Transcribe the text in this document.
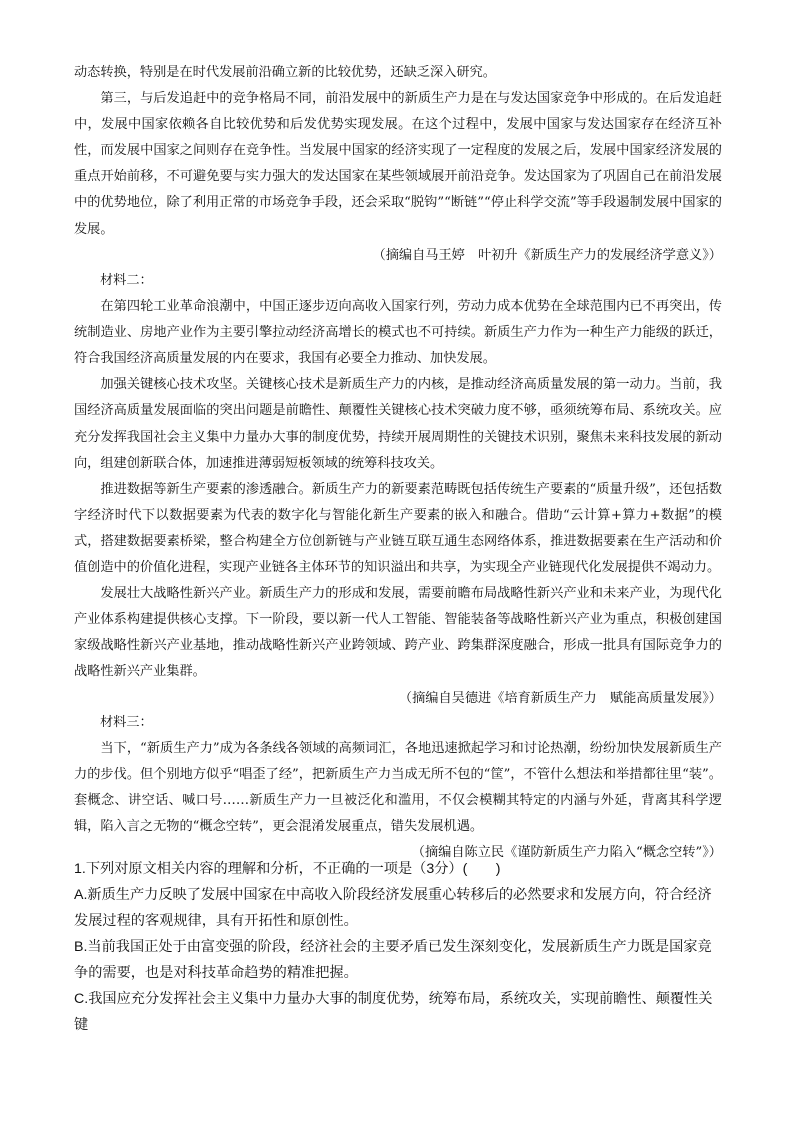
动态转换，特别是在时代发展前沿确立新的比较优势，还缺乏深入研究。

第三，与后发追赶中的竞争格局不同，前沿发展中的新质生产力是在与发达国家竞争中形成的。在后发追赶中，发展中国家依赖各自比较优势和后发优势实现发展。在这个过程中，发展中国家与发达国家存在经济互补性，而发展中国家之间则存在竞争性。当发展中国家的经济实现了一定程度的发展之后，发展中国家经济发展的重点开始前移，不可避免要与实力强大的发达国家在某些领域展开前沿竞争。发达国家为了巩固自己在前沿发展中的优势地位，除了利用正常的市场竞争手段，还会采取“脱钩”“断链”“停止科学交流”等手段遏制发展中国家的发展。

（摘编自马王婷　叶初升《新质生产力的发展经济学意义》）

材料二：

在第四轮工业革命浪潮中，中国正逐步迈向高收入国家行列，劳动力成本优势在全球范围内已不再突出，传统制造业、房地产业作为主要引擎拉动经济高增长的模式也不可持续。新质生产力作为一种生产力能级的跃迁，符合我国经济高质量发展的内在要求，我国有必要全力推动、加快发展。

加强关键核心技术攻坚。关键核心技术是新质生产力的内核，是推动经济高质量发展的第一动力。当前，我国经济高质量发展面临的突出问题是前瞻性、颠覆性关键核心技术突破力度不够，亟须统筹布局、系统攻关。应充分发挥我国社会主义集中力量办大事的制度优势，持续开展周期性的关键技术识别，聚焦未来科技发展的新动向，组建创新联合体，加速推进薄弱短板领域的统筹科技攻关。

推进数据等新生产要素的渗透融合。新质生产力的新要素范畴既包括传统生产要素的“质量升级”，还包括数字经济时代下以数据要素为代表的数字化与智能化新生产要素的嵌入和融合。借助“云计算+算力+数据”的模式，搭建数据要素桥梁，整合构建全方位创新链与产业链互联互通生态网络体系，推进数据要素在生产活动和价值创造中的价值化进程，实现产业链各主体环节的知识溢出和共享，为实现全产业链现代化发展提供不竭动力。

发展壮大战略性新兴产业。新质生产力的形成和发展，需要前瞻布局战略性新兴产业和未来产业，为现代化产业体系构建提供核心支撑。下一阶段，要以新一代人工智能、智能装备等战略性新兴产业为重点，积极创建国家级战略性新兴产业基地，推动战略性新兴产业跨领域、跨产业、跨集群深度融合，形成一批具有国际竞争力的战略性新兴产业集群。

（摘编自吴德进《培育新质生产力　赋能高质量发展》）

材料三：

当下，“新质生产力”成为各条线各领域的高频词汇，各地迅速掀起学习和讨论热潮，纷纷加快发展新质生产力的步伐。但个别地方似乎“唱歪了经”，把新质生产力当成无所不包的“筐”，不管什么想法和举措都往里“装”。套概念、讲空话、喊口号……新质生产力一旦被泛化和滥用，不仅会模糊其特定的内涵与外延，背离其科学逻辑，陷入言之无物的“概念空转”，更会混淆发展重点，错失发展机遇。

（摘编自陈立民《谨防新质生产力陷入“概念空转”》）

1.下列对原文相关内容的理解和分析，不正确的一项是（3分）(　　)

A.新质生产力反映了发展中国家在中高收入阶段经济发展重心转移后的必然要求和发展方向，符合经济发展过程的客观规律，具有开拓性和原创性。

B.当前我国正处于由富变强的阶段，经济社会的主要矛盾已发生深刻变化，发展新质生产力既是国家竞争的需要，也是对科技革命趋势的精准把握。

C.我国应充分发挥社会主义集中力量办大事的制度优势，统筹布局，系统攻关，实现前瞻性、颠覆性关键
